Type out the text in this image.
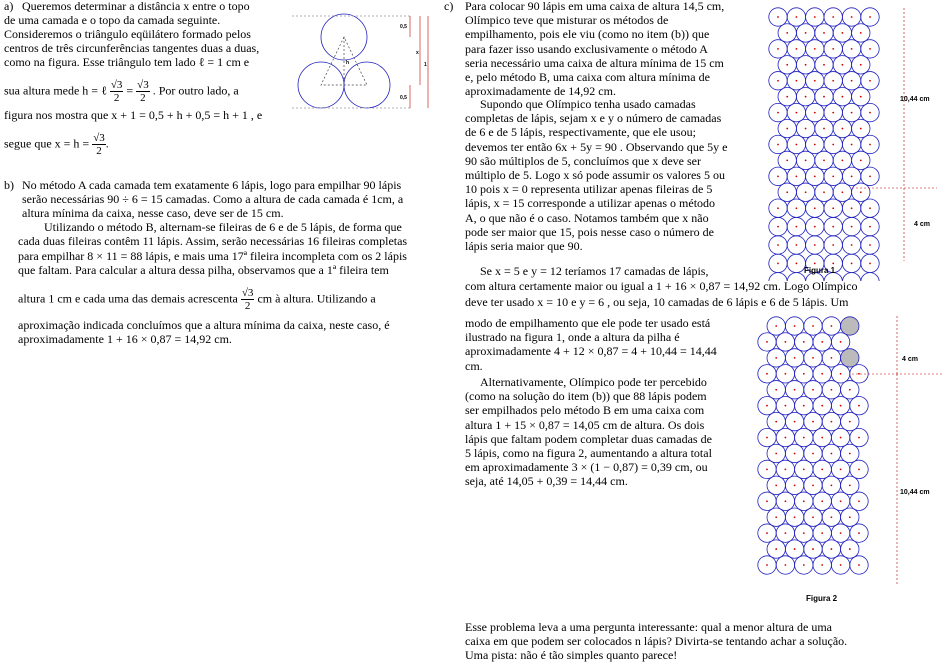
a) Queremos determinar a distância x entre o topo
de uma camada e o topo da camada seguinte.
Consideremos o triângulo eqüilátero formado pelos
centros de três circunferências tangentes duas a duas,
como na figura. Esse triângulo tem lado ℓ = 1 cm e
sua altura mede h = ℓ $\frac{√3}{2} = \frac{√3}{2}$ . Por outro lado, a
figura nos mostra que x + 1 = 0,5 + h + 0,5 = h + 1 , e
segue que $x = h = \frac{√3}{2}$ .
0,5
0,5
x
1
h
b) No método A cada camada tem exatamente 6 lápis, logo para empilhar 90 lápis
serão necessárias 90 ÷ 6 = 15 camadas. Como a altura de cada camada é 1cm, a
altura mínima da caixa, nesse caso, deve ser de 15 cm.
Utilizando o método B, alternam-se fileiras de 6 e de 5 lápis, de forma que
cada duas fileiras contêm 11 lápis. Assim, serão necessárias 16 fileiras completas
para empilhar 8 × 11 = 88 lápis, e mais uma 17ª fileira incompleta com os 2 lápis
que faltam. Para calcular a altura dessa pilha, observamos que a 1ª fileira tem
altura 1 cm e cada uma das demais acrescenta $\frac{√3}{2}$ cm à altura. Utilizando a
aproximação indicada concluímos que a altura mínima da caixa, neste caso, é
aproximadamente 1 + 16 × 0,87 = 14,92 cm.
c) Para colocar 90 lápis em uma caixa de altura 14,5 cm,
Olímpico teve que misturar os métodos de
empilhamento, pois ele viu (como no item (b)) que
para fazer isso usando exclusivamente o método A
seria necessário uma caixa de altura mínima de 15 cm
e, pelo método B, uma caixa com altura mínima de
aproximadamente de 14,92 cm.
Supondo que Olímpico tenha usado camadas
completas de lápis, sejam x e y o número de camadas
de 6 e de 5 lápis, respectivamente, que ele usou;
devemos ter então 6x + 5y = 90 . Observando que 5y e
90 são múltiplos de 5, concluímos que x deve ser
múltiplo de 5. Logo x só pode assumir os valores 5 ou
10 pois x = 0 representa utilizar apenas fileiras de 5
lápis, x = 15 corresponde a utilizar apenas o método
A, o que não é o caso. Notamos também que x não
pode ser maior que 15, pois nesse caso o número de
lápis seria maior que 90.
Se x = 5 e y = 12 teríamos 17 camadas de lápis,
com altura certamente maior ou igual a 1 + 16 × 0,87 = 14,92 cm. Logo Olímpico
deve ter usado x = 10 e y = 6 , ou seja, 10 camadas de 6 lápis e 6 de 5 lápis. Um
modo de empilhamento que ele pode ter usado está
ilustrado na figura 1, onde a altura da pilha é
aproximadamente 4 + 12 × 0,87 = 4 + 10,44 = 14,44
cm.
Alternativamente, Olímpico pode ter percebido
(como na solução do item (b)) que 88 lápis podem
ser empilhados pelo método B em uma caixa com
altura 1 + 15 × 0,87 = 14,05 cm de altura. Os dois
lápis que faltam podem completar duas camadas de
5 lápis, como na figura 2, aumentando a altura total
em aproximadamente 3 × (1 − 0,87) = 0,39 cm, ou
seja, até 14,05 + 0,39 = 14,44 cm.
Esse problema leva a uma pergunta interessante: qual a menor altura de uma
caixa em que podem ser colocados n lápis? Divirta-se tentando achar a solução.
Uma pista: não é tão simples quanto parece!
10,44 cm
4 cm
Figura 1
4 cm
10,44 cm
Figura 2
